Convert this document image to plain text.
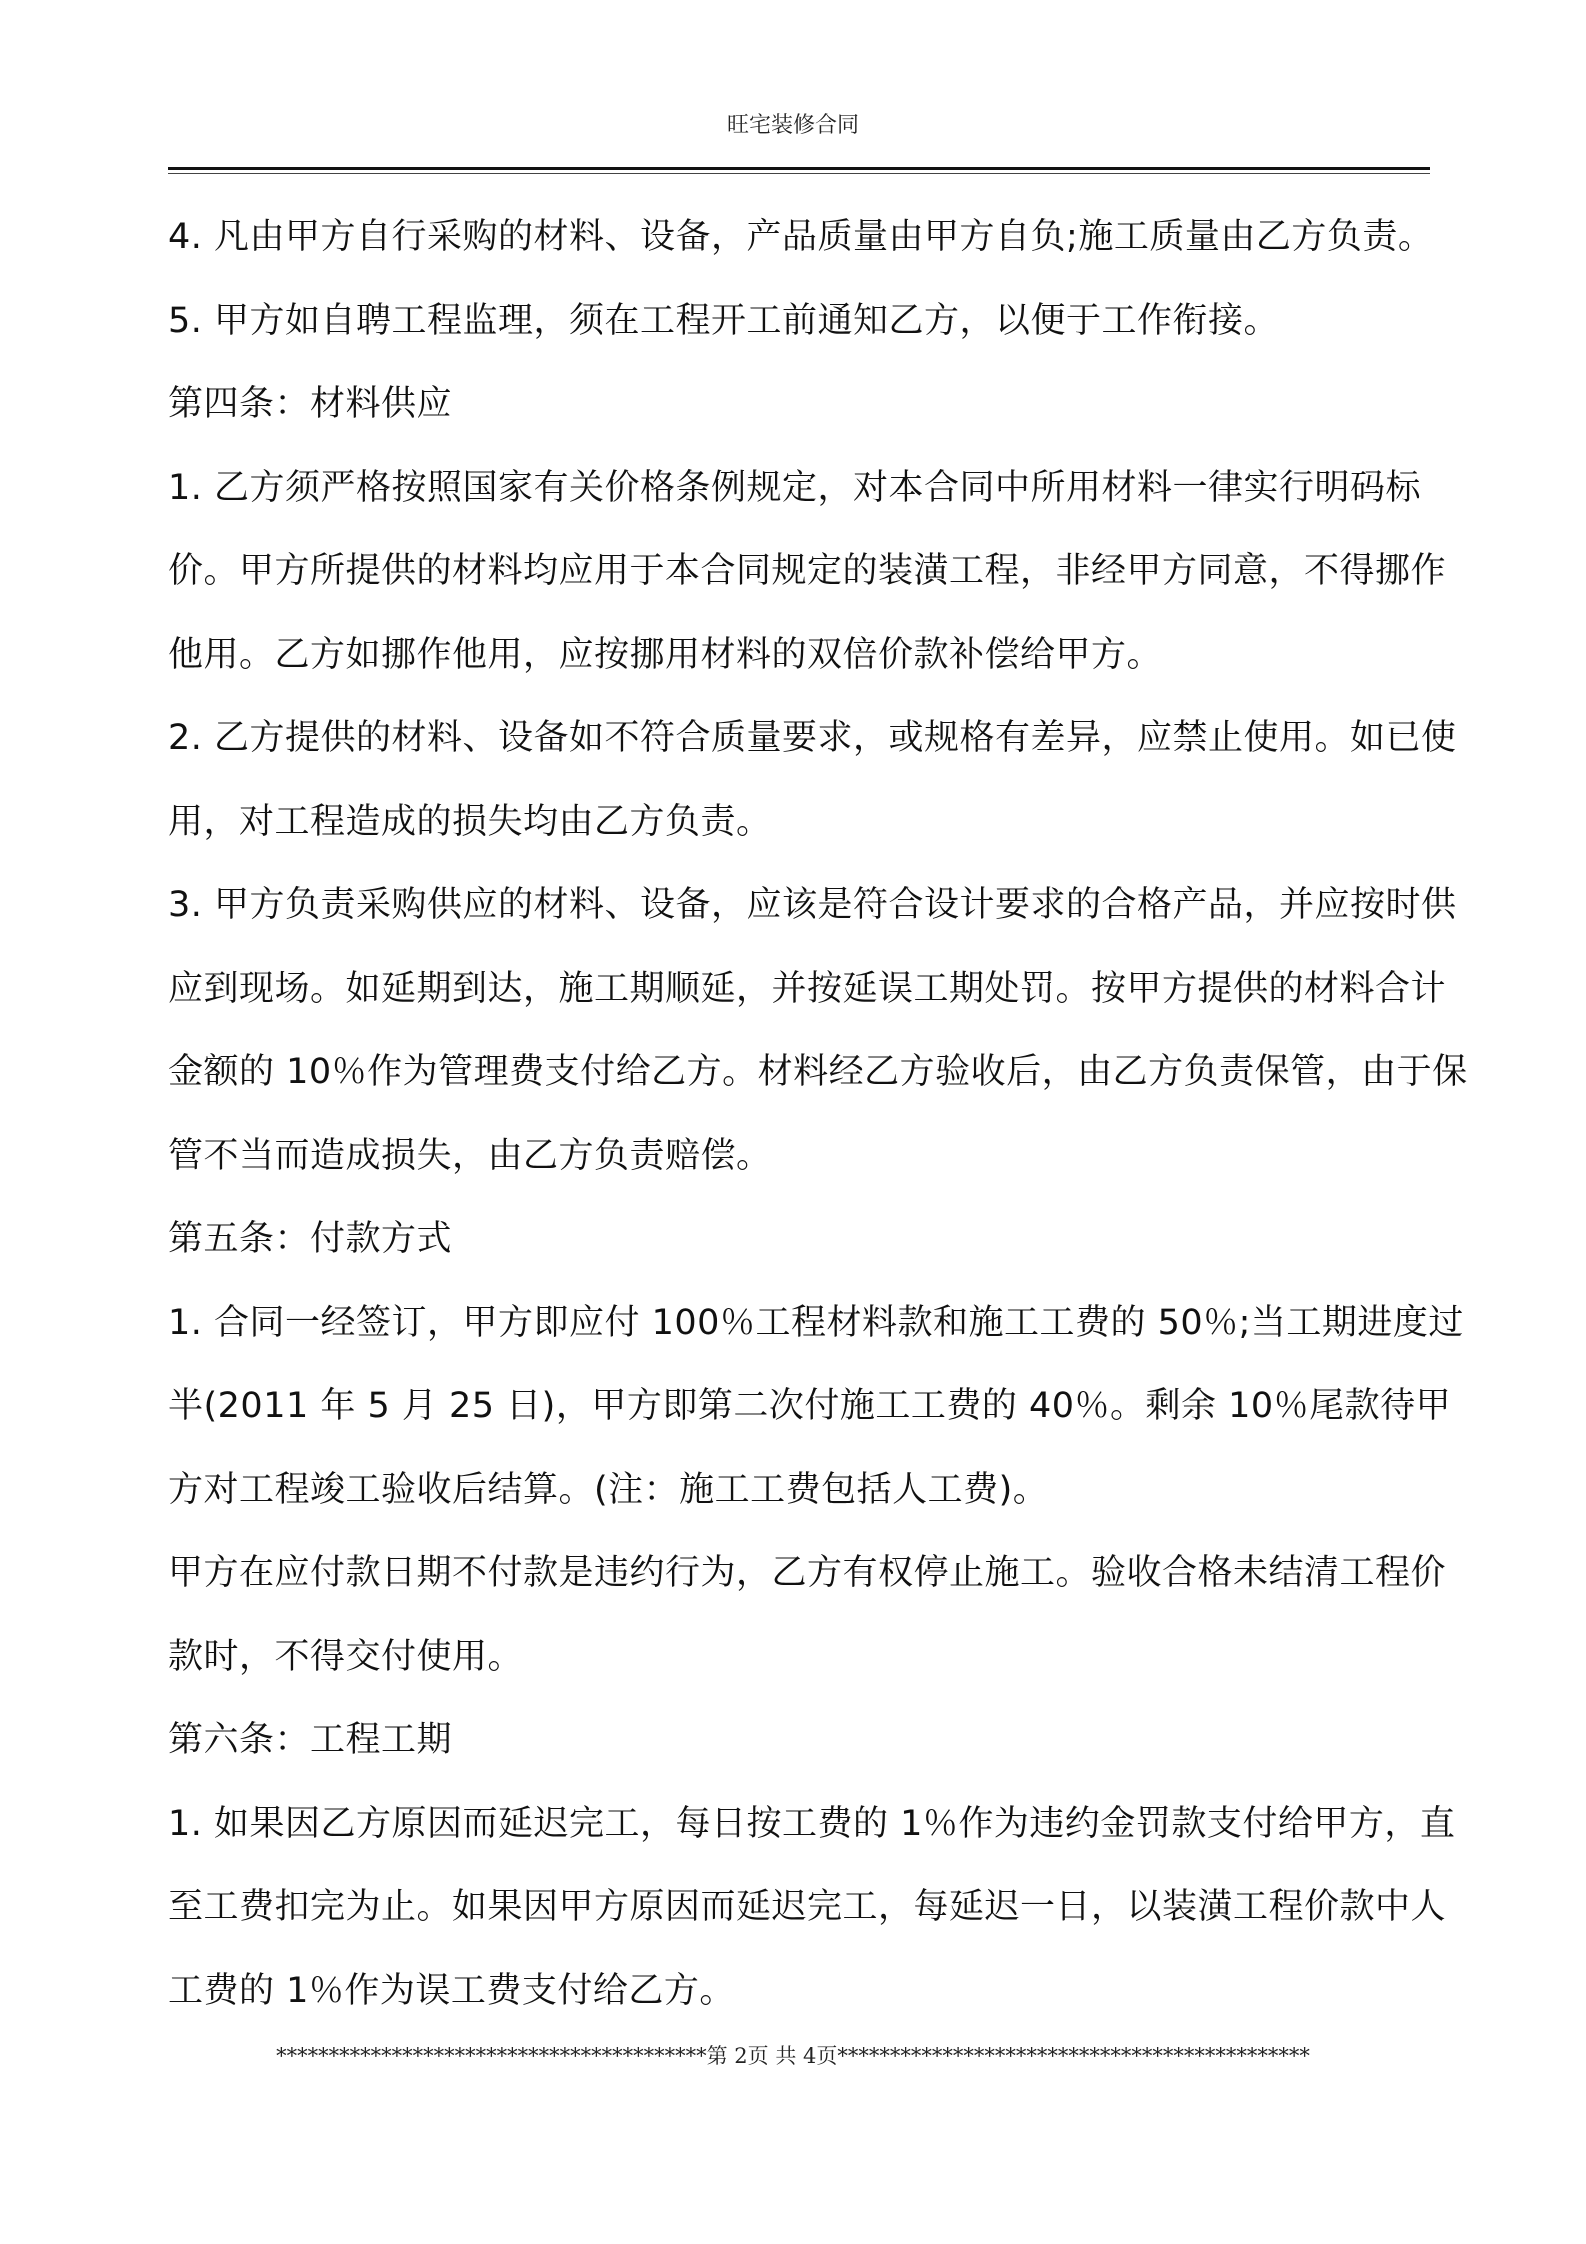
旺宅装修合同

4. 凡由甲方自行采购的材料、设备，产品质量由甲方自负;施工质量由乙方负责。

5. 甲方如自聘工程监理，须在工程开工前通知乙方，以便于工作衔接。

第四条：材料供应

1. 乙方须严格按照国家有关价格条例规定，对本合同中所用材料一律实行明码标价。甲方所提供的材料均应用于本合同规定的装潢工程，非经甲方同意，不得挪作他用。乙方如挪作他用，应按挪用材料的双倍价款补偿给甲方。

2. 乙方提供的材料、设备如不符合质量要求，或规格有差异，应禁止使用。如已使用，对工程造成的损失均由乙方负责。

3. 甲方负责采购供应的材料、设备，应该是符合设计要求的合格产品，并应按时供应到现场。如延期到达，施工期顺延，并按延误工期处罚。按甲方提供的材料合计金额的 10％作为管理费支付给乙方。材料经乙方验收后，由乙方负责保管，由于保管不当而造成损失，由乙方负责赔偿。

第五条：付款方式

1. 合同一经签订，甲方即应付 100％工程材料款和施工工费的 50％;当工期进度过半(2011 年 5 月 25 日)，甲方即第二次付施工工费的 40％。剩余 10％尾款待甲方对工程竣工验收后结算。(注：施工工费包括人工费)。

甲方在应付款日期不付款是违约行为，乙方有权停止施工。验收合格未结清工程价款时，不得交付使用。

第六条：工程工期

1. 如果因乙方原因而延迟完工，每日按工费的 1％作为违约金罚款支付给甲方，直至工费扣完为止。如果因甲方原因而延迟完工，每延迟一日，以装潢工程价款中人工费的 1％作为误工费支付给乙方。

*****************************************第 2页 共 4页*********************************************
